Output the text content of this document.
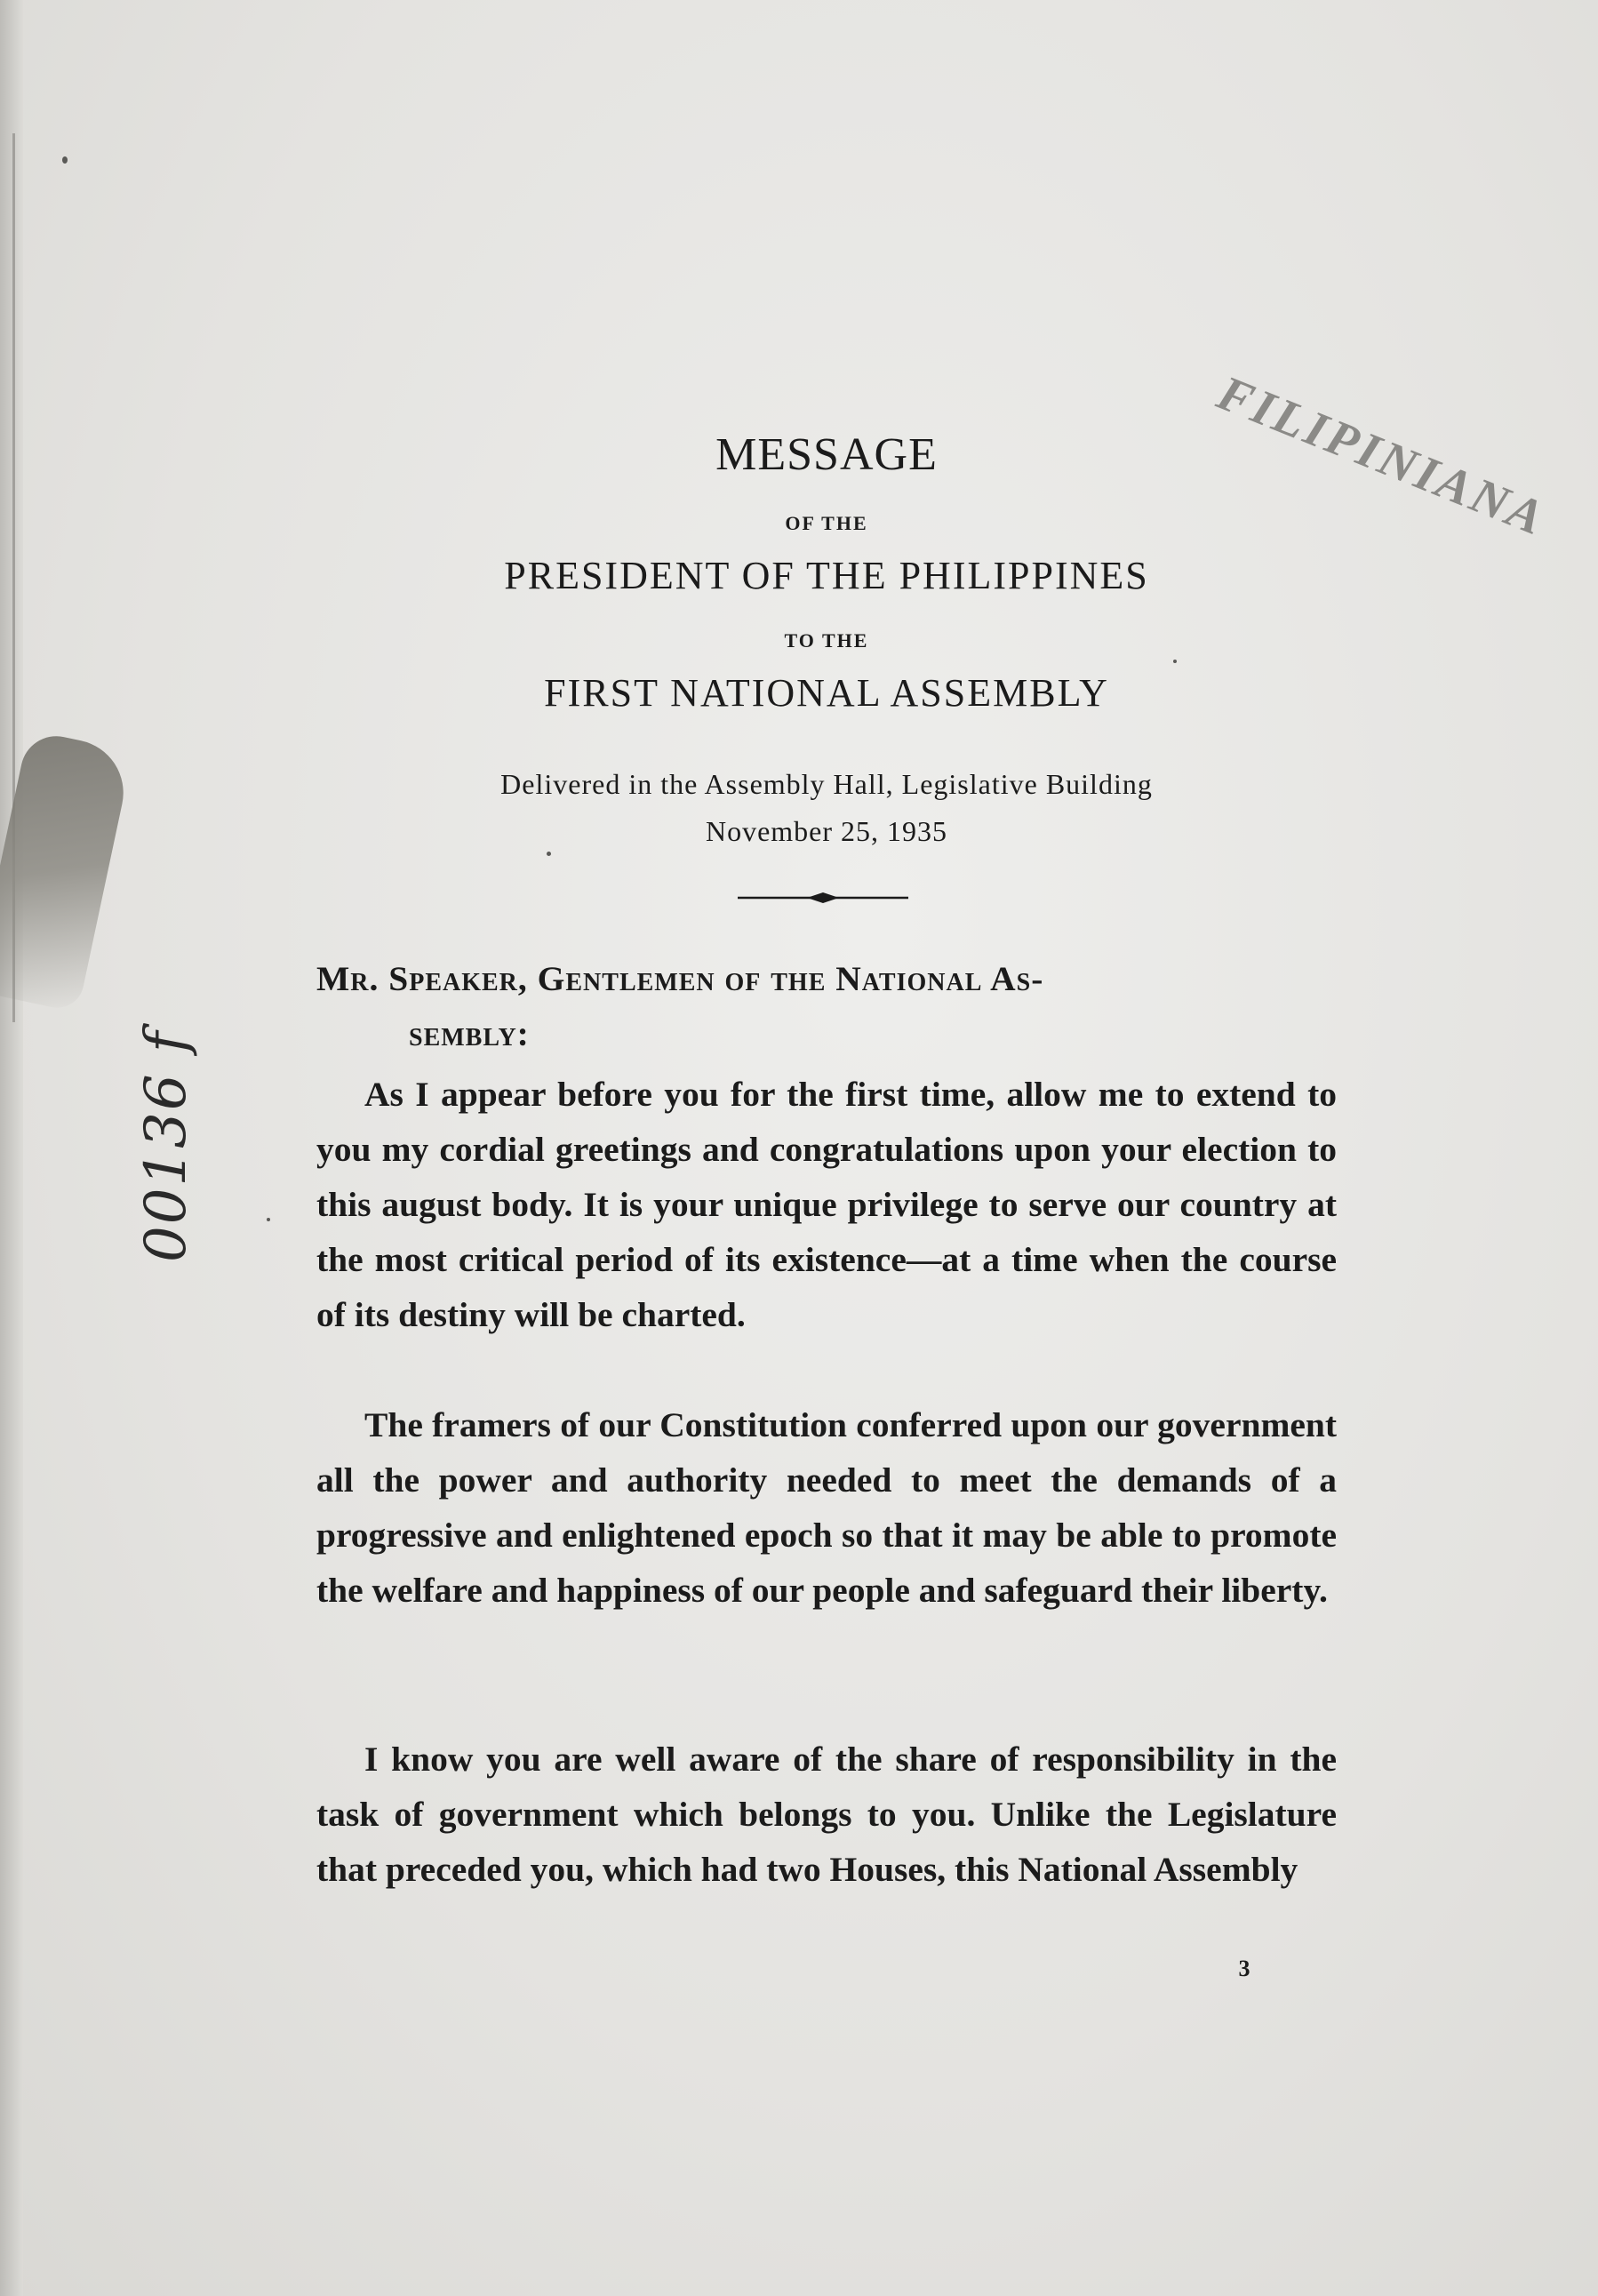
FILIPINIANA
00136 f
MESSAGE
OF THE
PRESIDENT OF THE PHILIPPINES
TO THE
FIRST NATIONAL ASSEMBLY
Delivered in the Assembly Hall, Legislative Building
November 25, 1935
Mr. Speaker, Gentlemen of the National As-
sembly:
As I appear before you for the first time, allow me to extend to you my cordial greetings and congratulations upon your election to this august body. It is your unique privilege to serve our country at the most critical period of its existence—at a time when the course of its destiny will be charted.
The framers of our Constitution conferred upon our government all the power and authority needed to meet the demands of a progressive and enlightened epoch so that it may be able to promote the welfare and happiness of our people and safeguard their liberty.
I know you are well aware of the share of responsibility in the task of government which belongs to you. Unlike the Legislature that preceded you, which had two Houses, this National Assembly
3
